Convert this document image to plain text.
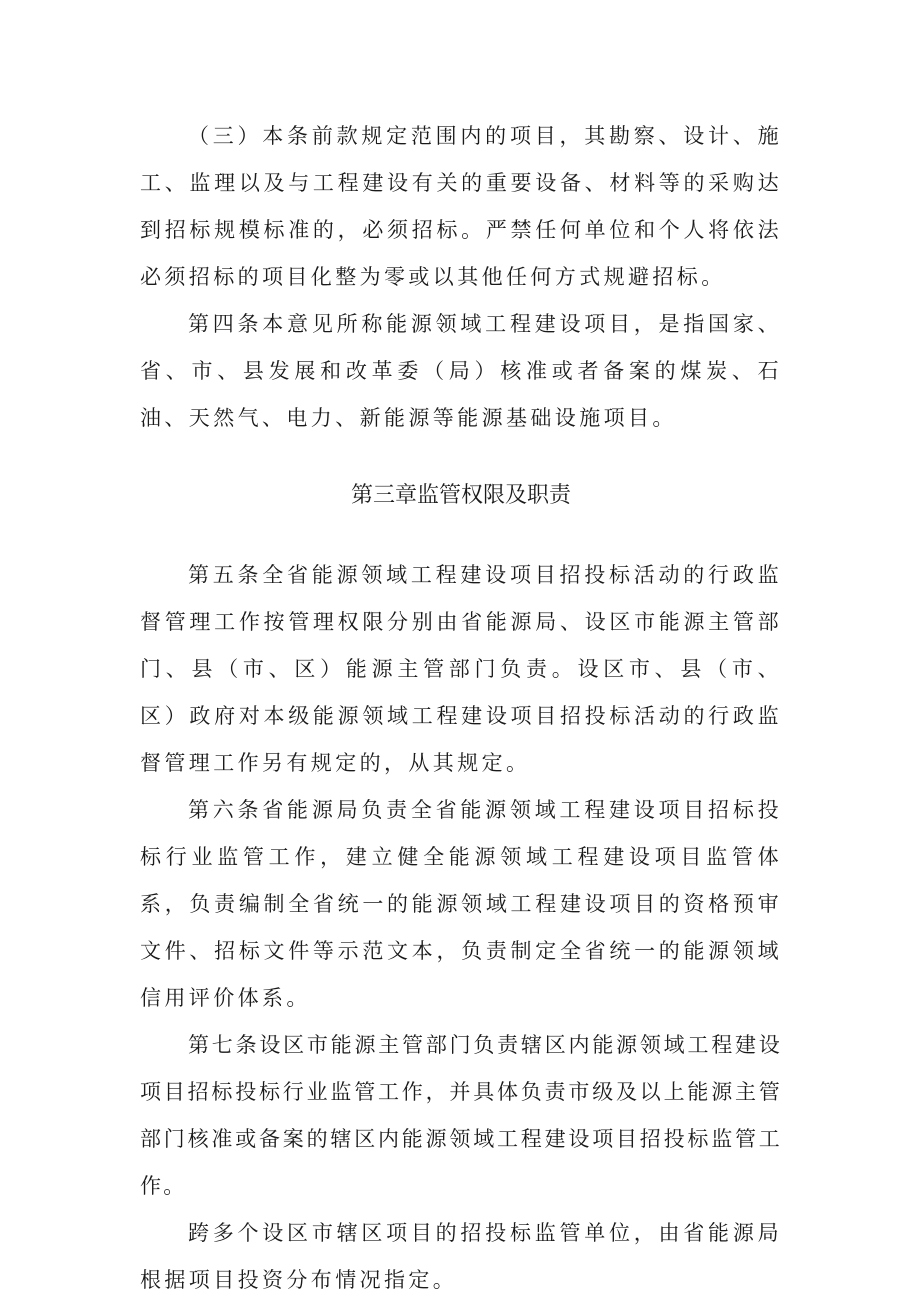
（三）本条前款规定范围内的项目，其勘察、设计、施工、监理以及与工程建设有关的重要设备、材料等的采购达到招标规模标准的，必须招标。严禁任何单位和个人将依法必须招标的项目化整为零或以其他任何方式规避招标。

第四条本意见所称能源领域工程建设项目，是指国家、省、市、县发展和改革委（局）核准或者备案的煤炭、石油、天然气、电力、新能源等能源基础设施项目。

第三章监管权限及职责

第五条全省能源领域工程建设项目招投标活动的行政监督管理工作按管理权限分别由省能源局、设区市能源主管部门、县（市、区）能源主管部门负责。设区市、县（市、区）政府对本级能源领域工程建设项目招投标活动的行政监督管理工作另有规定的，从其规定。

第六条省能源局负责全省能源领域工程建设项目招标投标行业监管工作，建立健全能源领域工程建设项目监管体系，负责编制全省统一的能源领域工程建设项目的资格预审文件、招标文件等示范文本，负责制定全省统一的能源领域信用评价体系。

第七条设区市能源主管部门负责辖区内能源领域工程建设项目招标投标行业监管工作，并具体负责市级及以上能源主管部门核准或备案的辖区内能源领域工程建设项目招投标监管工作。

跨多个设区市辖区项目的招投标监管单位，由省能源局根据项目投资分布情况指定。
